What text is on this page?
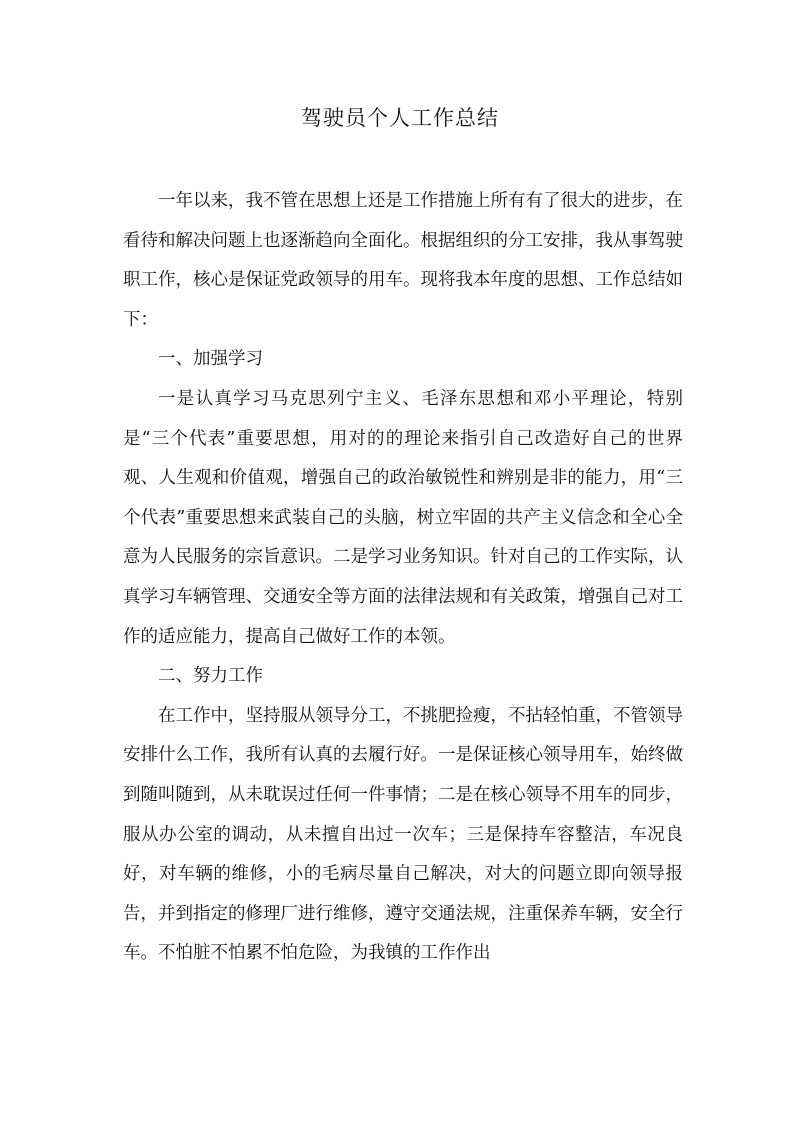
驾驶员个人工作总结

一年以来，我不管在思想上还是工作措施上所有有了很大的进步，在看待和解决问题上也逐渐趋向全面化。根据组织的分工安排，我从事驾驶职工作，核心是保证党政领导的用车。现将我本年度的思想、工作总结如下：

一、加强学习

一是认真学习马克思列宁主义、毛泽东思想和邓小平理论，特别是“三个代表”重要思想，用对的的理论来指引自己改造好自己的世界观、人生观和价值观，增强自己的政治敏锐性和辨别是非的能力，用“三个代表”重要思想来武装自己的头脑，树立牢固的共产主义信念和全心全意为人民服务的宗旨意识。二是学习业务知识。针对自己的工作实际，认真学习车辆管理、交通安全等方面的法律法规和有关政策，增强自己对工作的适应能力，提高自己做好工作的本领。

二、努力工作

在工作中，坚持服从领导分工，不挑肥捡瘦，不拈轻怕重，不管领导安排什么工作，我所有认真的去履行好。一是保证核心领导用车，始终做到随叫随到，从未耽误过任何一件事情；二是在核心领导不用车的同步，服从办公室的调动，从未擅自出过一次车；三是保持车容整洁，车况良好，对车辆的维修，小的毛病尽量自己解决，对大的问题立即向领导报告，并到指定的修理厂进行维修，遵守交通法规，注重保养车辆，安全行车。不怕脏不怕累不怕危险，为我镇的工作作出
